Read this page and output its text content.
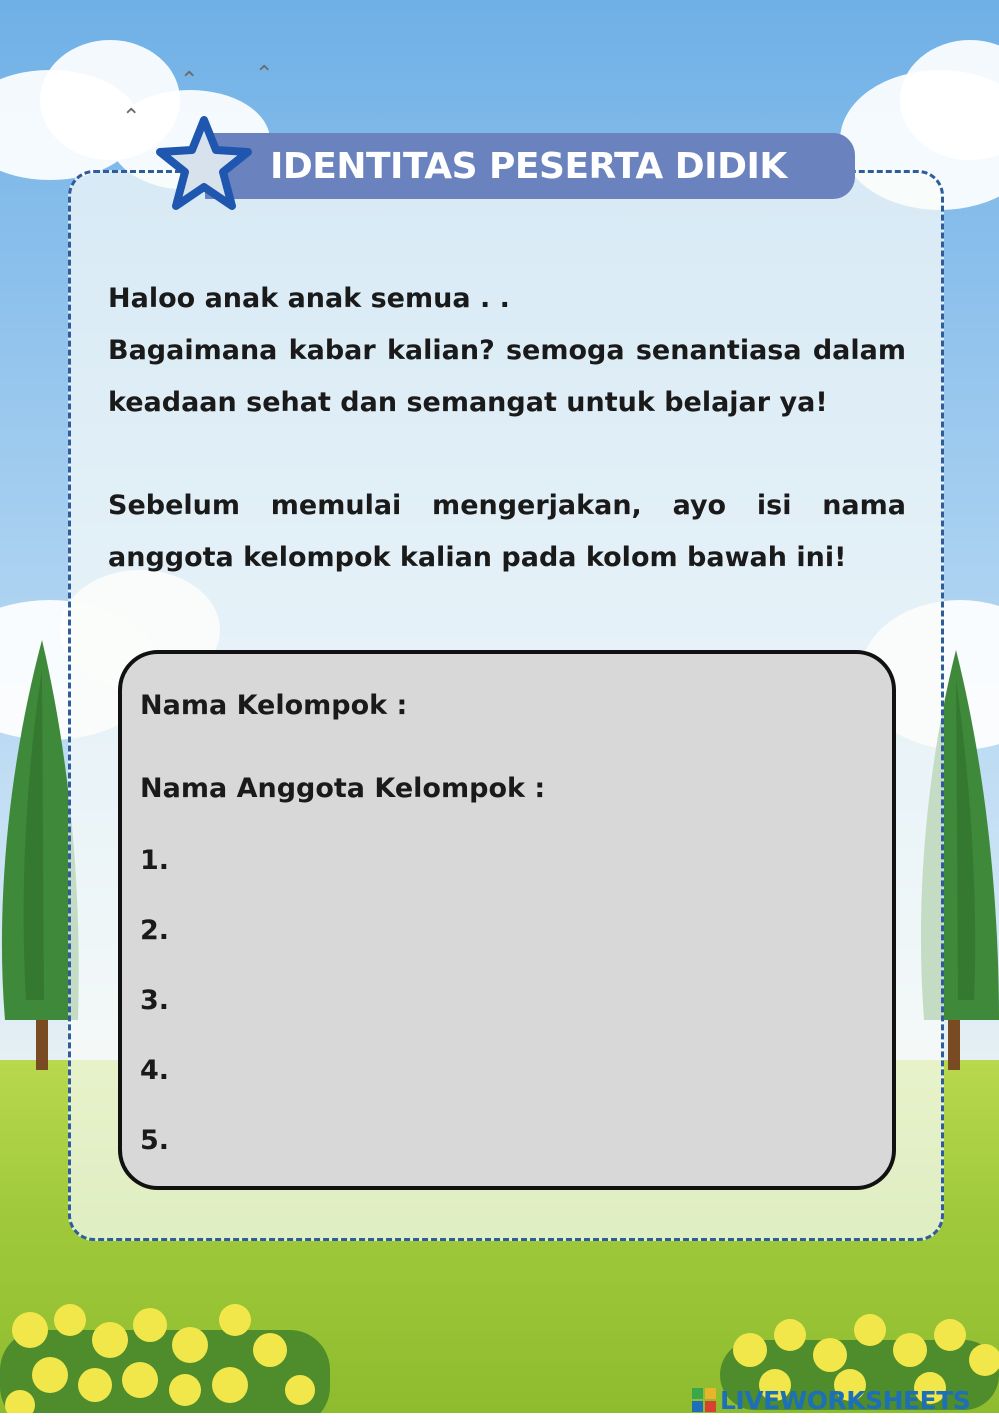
⌃	⌃
⌃
IDENTITAS PESERTA DIDIK
Haloo anak anak semua . .
Bagaimana kabar kalian? semoga senantiasa dalam keadaan sehat dan semangat untuk belajar ya!
Sebelum memulai mengerjakan, ayo isi nama anggota kelompok kalian pada kolom bawah ini!
Nama Kelompok :
Nama Anggota Kelompok :
1.
2.
3.
4.
5.
LIVEWORKSHEETS
